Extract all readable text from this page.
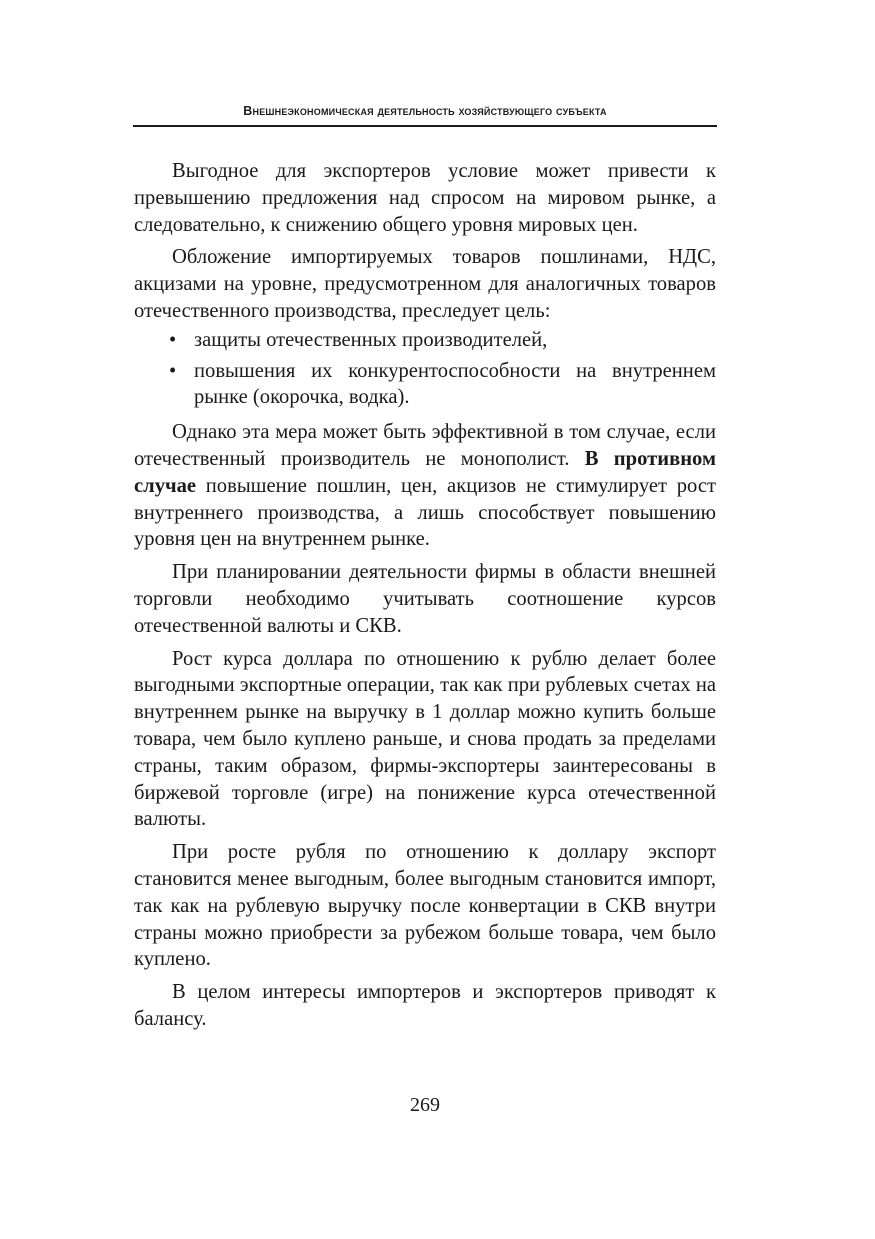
Внешнеэкономическая деятельность хозяйствующего субъекта

Выгодное для экспортеров условие может привести к превышению предложения над спросом на мировом рынке, а следовательно, к снижению общего уровня мировых цен.

Обложение импортируемых товаров пошлинами, НДС, акцизами на уровне, предусмотренном для аналогичных товаров отечественного производства, преследует цель:

• защиты отечественных производителей,
• повышения их конкурентоспособности на внутреннем рынке (окорочка, водка).

Однако эта мера может быть эффективной в том случае, если отечественный производитель не монополист. В противном случае повышение пошлин, цен, акцизов не стимулирует рост внутреннего производства, а лишь способствует повышению уровня цен на внутреннем рынке.

При планировании деятельности фирмы в области внешней торговли необходимо учитывать соотношение курсов отечественной валюты и СКВ.

Рост курса доллара по отношению к рублю делает более выгодными экспортные операции, так как при рублевых счетах на внутреннем рынке на выручку в 1 доллар можно купить больше товара, чем было куплено раньше, и снова продать за пределами страны, таким образом, фирмы-экспортеры заинтересованы в биржевой торговле (игре) на понижение курса отечественной валюты.

При росте рубля по отношению к доллару экспорт становится менее выгодным, более выгодным становится импорт, так как на рублевую выручку после конвертации в СКВ внутри страны можно приобрести за рубежом больше товара, чем было куплено.

В целом интересы импортеров и экспортеров приводят к балансу.

269
